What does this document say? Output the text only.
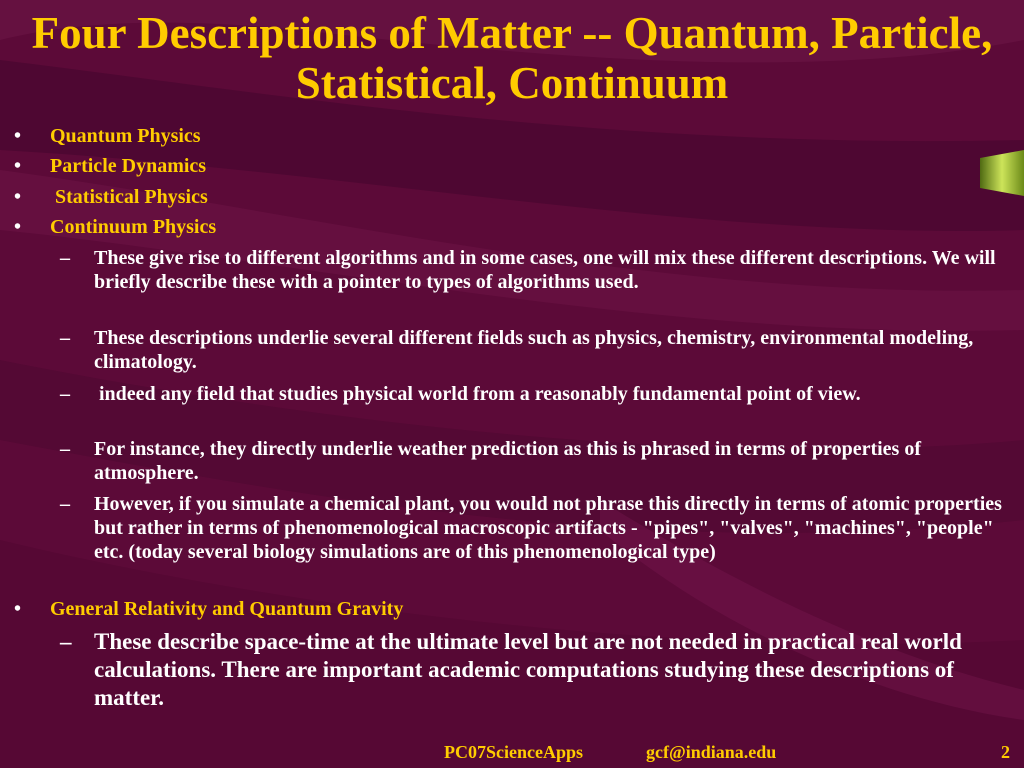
Four Descriptions of Matter -- Quantum, Particle, Statistical, Continuum
• Quantum Physics
• Particle Dynamics
• Statistical Physics
• Continuum Physics
– These give rise to different algorithms and in some cases, one will mix these different descriptions. We will briefly describe these with a pointer to types of algorithms used.
– These descriptions underlie several different fields such as physics, chemistry, environmental modeling, climatology.
– indeed any field that studies physical world from a reasonably fundamental point of view.
– For instance, they directly underlie weather prediction as this is phrased in terms of properties of atmosphere.
– However, if you simulate a chemical plant, you would not phrase this directly in terms of atomic properties but rather in terms of phenomenological macroscopic artifacts - "pipes", "valves", "machines", "people" etc. (today several biology simulations are of this phenomenological type)
• General Relativity and Quantum Gravity
– These describe space-time at the ultimate level but are not needed in practical real world calculations. There are important academic computations studying these descriptions of matter.
PC07ScienceApps	gcf@indiana.edu	2
